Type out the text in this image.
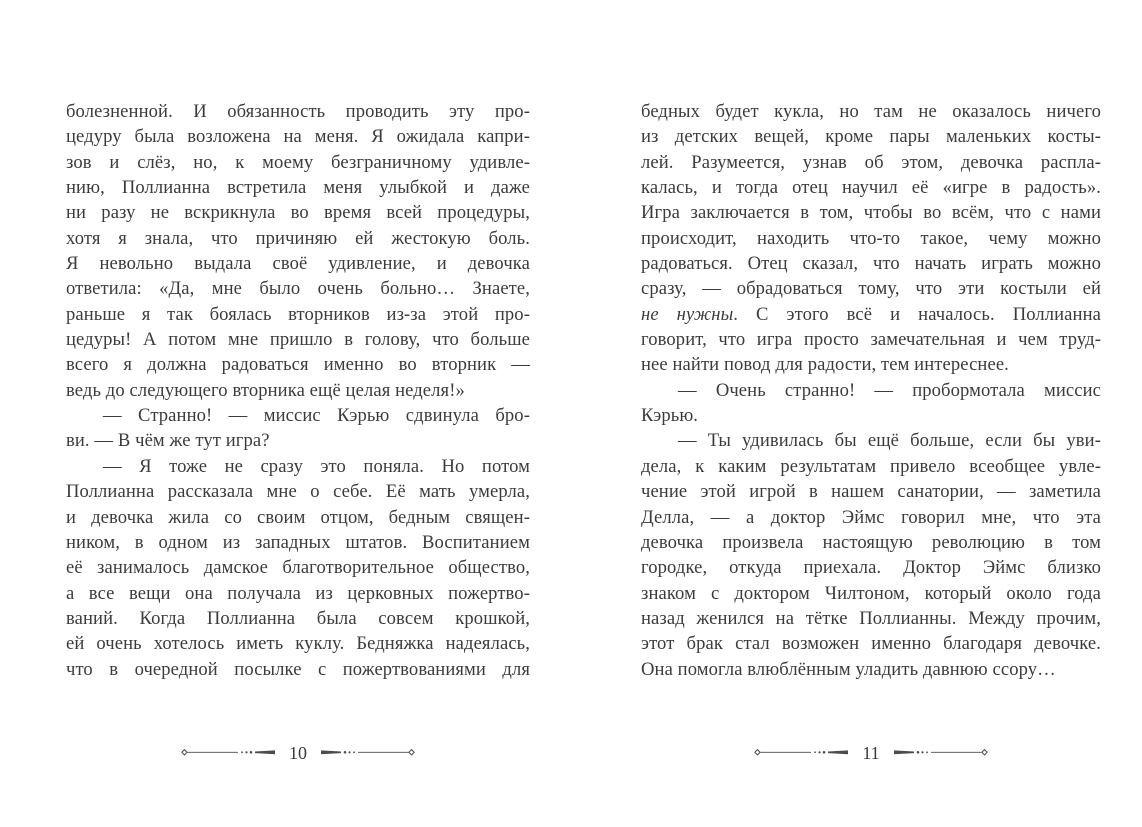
болезненной. И обязанность проводить эту про-
цедуру была возложена на меня. Я ожидала капри-
зов и слёз, но, к моему безграничному удивле-
нию, Поллианна встретила меня улыбкой и даже
ни разу не вскрикнула во время всей процедуры,
хотя я знала, что причиняю ей жестокую боль.
Я невольно выдала своё удивление, и девочка
ответила: «Да, мне было очень больно… Знаете,
раньше я так боялась вторников из-за этой про-
цедуры! А потом мне пришло в голову, что больше
всего я должна радоваться именно во вторник —
ведь до следующего вторника ещё целая неделя!»
— Странно! — миссис Кэрью сдвинула бро-
ви. — В чём же тут игра?
— Я тоже не сразу это поняла. Но потом
Поллианна рассказала мне о себе. Её мать умерла,
и девочка жила со своим отцом, бедным священ-
ником, в одном из западных штатов. Воспитанием
её занималось дамское благотворительное общество,
а все вещи она получала из церковных пожертво-
ваний. Когда Поллианна была совсем крошкой,
ей очень хотелось иметь куклу. Бедняжка надеялась,
что в очередной посылке с пожертвованиями для
бедных будет кукла, но там не оказалось ничего
из детских вещей, кроме пары маленьких косты-
лей. Разумеется, узнав об этом, девочка распла-
калась, и тогда отец научил её «игре в радость».
Игра заключается в том, чтобы во всём, что с нами
происходит, находить что-то такое, чему можно
радоваться. Отец сказал, что начать играть можно
сразу, — обрадоваться тому, что эти костыли ей
не нужны. С этого всё и началось. Поллианна
говорит, что игра просто замечательная и чем труд-
нее найти повод для радости, тем интереснее.
— Очень странно! — пробормотала миссис
Кэрью.
— Ты удивилась бы ещё больше, если бы уви-
дела, к каким результатам привело всеобщее увле-
чение этой игрой в нашем санатории, — заметила
Делла, — а доктор Эймс говорил мне, что эта
девочка произвела настоящую революцию в том
городке, откуда приехала. Доктор Эймс близко
знаком с доктором Чилтоном, который около года
назад женился на тётке Поллианны. Между прочим,
этот брак стал возможен именно благодаря девочке.
Она помогла влюблённым уладить давнюю ссору…
10	11
